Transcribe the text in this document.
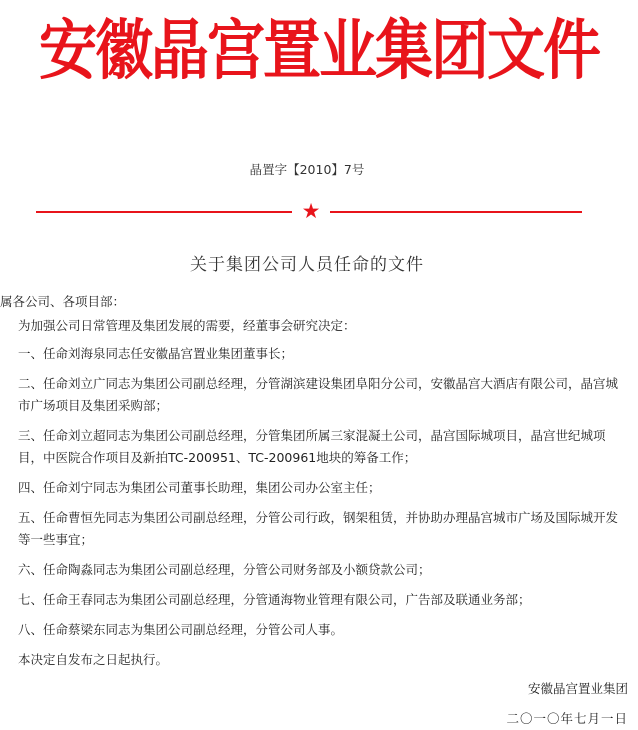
安徽晶宫置业集团文件
晶置字【2010】7号
★
关于集团公司人员任命的文件

属各公司、各项目部：

为加强公司日常管理及集团发展的需要，经董事会研究决定：

一、任命刘海泉同志任安徽晶宫置业集团董事长；

二、任命刘立广同志为集团公司副总经理，分管湖滨建设集团阜阳分公司，安徽晶宫大酒店有限公司，晶宫城市广场项目及集团采购部；

三、任命刘立超同志为集团公司副总经理，分管集团所属三家混凝土公司，晶宫国际城项目，晶宫世纪城项目，中医院合作项目及新拍TC-200951、TC-200961地块的筹备工作；

四、任命刘宁同志为集团公司董事长助理，集团公司办公室主任；

五、任命曹恒先同志为集团公司副总经理，分管公司行政，钢架租赁，并协助办理晶宫城市广场及国际城开发等一些事宜；

六、任命陶淼同志为集团公司副总经理，分管公司财务部及小额贷款公司；

七、任命王春同志为集团公司副总经理，分管通海物业管理有限公司，广告部及联通业务部；

八、任命蔡梁东同志为集团公司副总经理，分管公司人事。

本决定自发布之日起执行。

安徽晶宫置业集团
二〇一〇年七月一日
